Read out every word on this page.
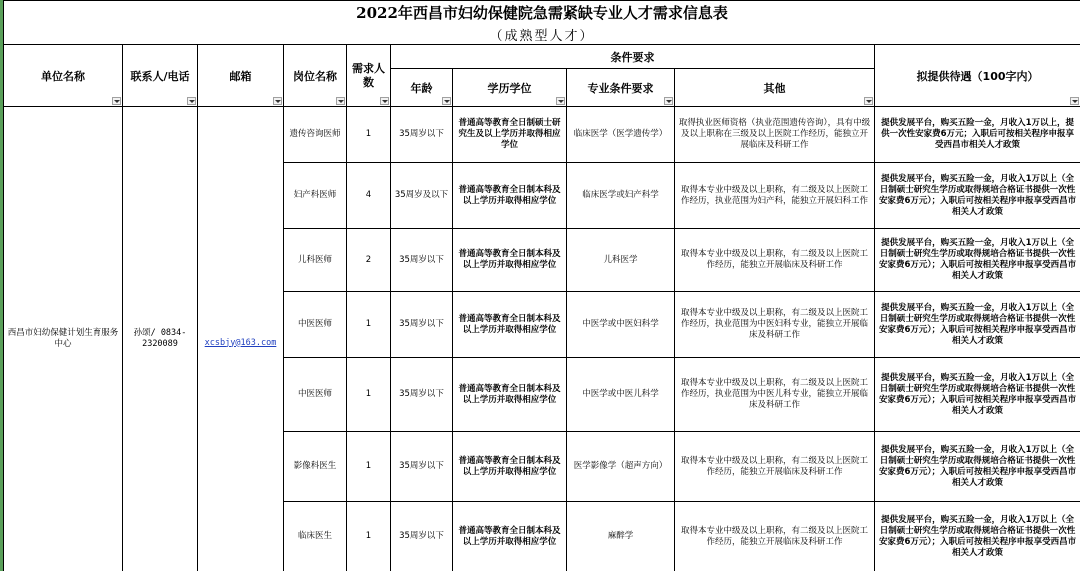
2022年西昌市妇幼保健院急需紧缺专业人才需求信息表									
（成熟型人才）									
单位名称	联系人/电话	邮箱	岗位名称	需求人数	条件要求				拟提供待遇（100字内）

					年龄	学历学位	专业条件要求	其他	

西昌市妇幼保健计划生育服务中心	孙颂/ 0834-2320089	xcsbjy@163.com	遗传咨询医师	1	35周岁以下	普通高等教育全日制硕士研究生及以上学历并取得相应学位	临床医学（医学遗传学）	取得执业医师资格（执业范围遗传咨询），具有中级及以上职称在三级及以上医院工作经历，能独立开展临床及科研工作	提供发展平台，购买五险一金，月收入1万以上，提供一次性安家费6万元；入职后可按相关程序申报享受西昌市相关人才政策
			妇产科医师	4	35周岁及以下	普通高等教育全日制本科及以上学历并取得相应学位	临床医学或妇产科学	取得本专业中级及以上职称，有二级及以上医院工作经历，执业范围为妇产科，能独立开展妇科工作	提供发展平台，购买五险一金，月收入1万以上（全日制硕士研究生学历或取得规培合格证书提供一次性安家费6万元）；入职后可按相关程序申报享受西昌市相关人才政策
			儿科医师	2	35周岁以下	普通高等教育全日制本科及以上学历并取得相应学位	儿科医学	取得本专业中级及以上职称，有二级及以上医院工作经历，能独立开展临床及科研工作	提供发展平台，购买五险一金，月收入1万以上（全日制硕士研究生学历或取得规培合格证书提供一次性安家费6万元）；入职后可按相关程序申报享受西昌市相关人才政策
			中医医师	1	35周岁以下	普通高等教育全日制本科及以上学历并取得相应学位	中医学或中医妇科学	取得本专业中级及以上职称，有二级及以上医院工作经历，执业范围为中医妇科专业，能独立开展临床及科研工作	提供发展平台，购买五险一金，月收入1万以上（全日制硕士研究生学历或取得规培合格证书提供一次性安家费6万元）；入职后可按相关程序申报享受西昌市相关人才政策
			中医医师	1	35周岁以下	普通高等教育全日制本科及以上学历并取得相应学位	中医学或中医儿科学	取得本专业中级及以上职称，有二级及以上医院工作经历，执业范围为中医儿科专业，能独立开展临床及科研工作	提供发展平台，购买五险一金，月收入1万以上（全日制硕士研究生学历或取得规培合格证书提供一次性安家费6万元）；入职后可按相关程序申报享受西昌市相关人才政策
			影像科医生	1	35周岁以下	普通高等教育全日制本科及以上学历并取得相应学位	医学影像学（超声方向）	取得本专业中级及以上职称，有二级及以上医院工作经历，能独立开展临床及科研工作	提供发展平台，购买五险一金，月收入1万以上（全日制硕士研究生学历或取得规培合格证书提供一次性安家费6万元）；入职后可按相关程序申报享受西昌市相关人才政策
			临床医生	1	35周岁以下	普通高等教育全日制本科及以上学历并取得相应学位	麻醉学	取得本专业中级及以上职称，有二级及以上医院工作经历，能独立开展临床及科研工作	提供发展平台，购买五险一金，月收入1万以上（全日制硕士研究生学历或取得规培合格证书提供一次性安家费6万元）；入职后可按相关程序申报享受西昌市相关人才政策
